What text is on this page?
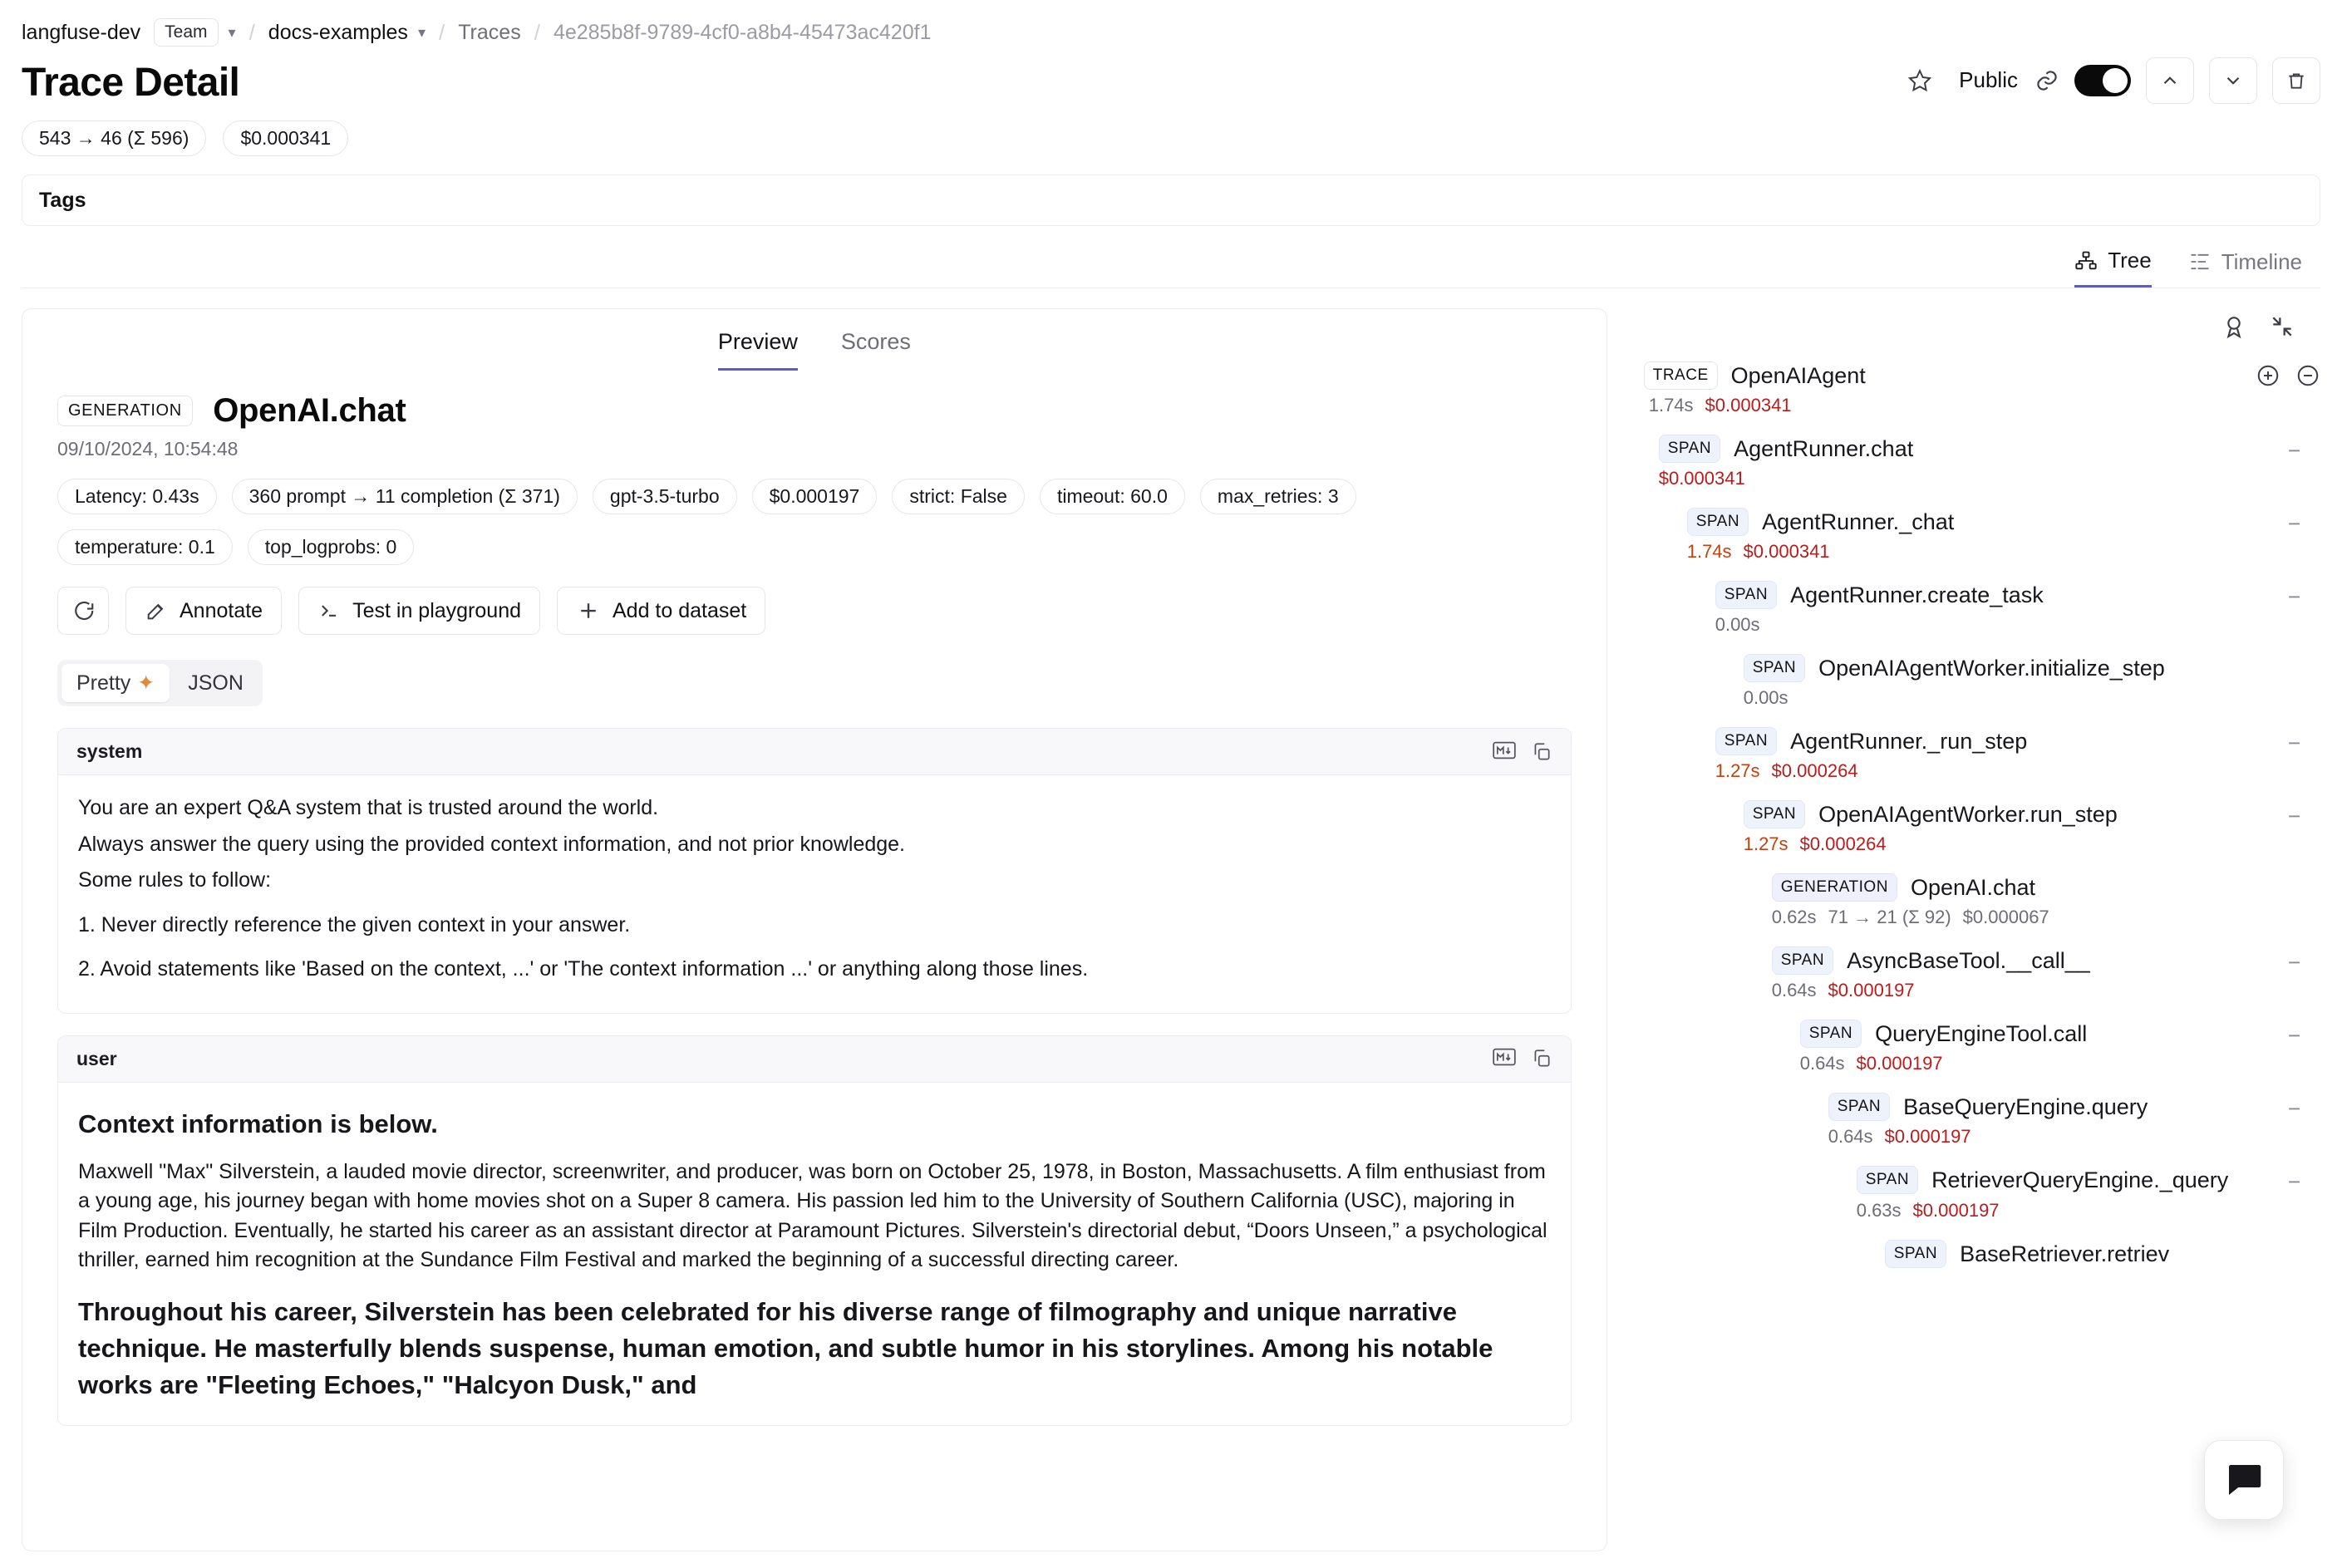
langfuse-dev	Team	▾ / docs-examples ▾ / Traces / 4e285b8f-9789-4cf0-a8b4-45473ac420f1
Trace Detail	Public
543 → 46 (Σ 596)	$0.000341
Tags
Tree	Timeline
Preview Scores
GENERATION OpenAI.chat
09/10/2024, 10:54:48
Latency: 0.43s	360 prompt → 11 completion (Σ 371)	gpt-3.5-turbo	$0.000197	strict: False	timeout: 60.0	max_retries: 3
temperature: 0.1	top_logprobs: 0
Annotate	Test in playground	Add to dataset
Pretty ✦ JSON
system

You are an expert Q&A system that is trusted around the world.

Always answer the query using the provided context information, and not prior knowledge.

Some rules to follow:

1. Never directly reference the given context in your answer.

2. Avoid statements like 'Based on the context, ...' or 'The context information ...' or anything along those lines.

user
Context information is below.

Maxwell "Max" Silverstein, a lauded movie director, screenwriter, and producer, was born on October 25, 1978, in Boston, Massachusetts. A film enthusiast from a young age, his journey began with home movies shot on a Super 8 camera. His passion led him to the University of Southern California (USC), majoring in Film Production. Eventually, he started his career as an assistant director at Paramount Pictures. Silverstein's directorial debut, “Doors Unseen,” a psychological thriller, earned him recognition at the Sundance Film Festival and marked the beginning of a successful directing career.

Throughout his career, Silverstein has been celebrated for his diverse range of filmography and unique narrative technique. He masterfully blends suspense, human emotion, and subtle humor in his storylines. Among his notable works are "Fleeting Echoes," "Halcyon Dusk," and
TRACE	OpenAIAgent
1.74s $0.000341
−
SPAN	AgentRunner.chat
$0.000341
−
SPAN	AgentRunner._chat
1.74s $0.000341
−
SPAN	AgentRunner.create_task
0.00s
SPAN	OpenAIAgentWorker.initialize_step
0.00s
−
SPAN	AgentRunner._run_step
1.27s $0.000264
−
SPAN	OpenAIAgentWorker.run_step
1.27s $0.000264
GENERATION	OpenAI.chat
0.62s 71 → 21 (Σ 92) $0.000067
−
SPAN	AsyncBaseTool.__call__
0.64s $0.000197
−
SPAN	QueryEngineTool.call
0.64s $0.000197
−
SPAN	BaseQueryEngine.query
0.64s $0.000197
−
SPAN	RetrieverQueryEngine._query
0.63s $0.000197
SPAN	BaseRetriever.retriev
